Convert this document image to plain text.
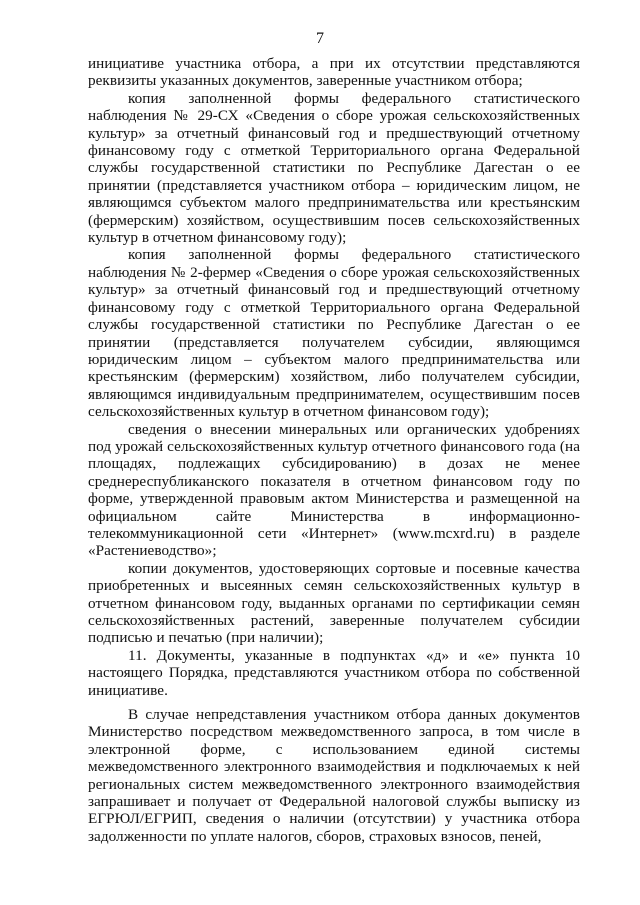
7

инициативе участника отбора, а при их отсутствии представляются реквизиты указанных документов, заверенные участником отбора;

копия заполненной формы федерального статистического наблюдения № 29-СХ «Сведения о сборе урожая сельскохозяйственных культур» за отчетный финансовый год и предшествующий отчетному финансовому году с отметкой Территориального органа Федеральной службы государственной статистики по Республике Дагестан о ее принятии (представляется участником отбора – юридическим лицом, не являющимся субъектом малого предпринимательства или крестьянским (фермерским) хозяйством, осуществившим посев сельскохозяйственных культур в отчетном финансовому году);

копия заполненной формы федерального статистического наблюдения № 2-фермер «Сведения о сборе урожая сельскохозяйственных культур» за отчетный финансовый год и предшествующий отчетному финансовому году с отметкой Территориального органа Федеральной службы государственной статистики по Республике Дагестан о ее принятии (представляется получателем субсидии, являющимся юридическим лицом – субъектом малого предпринимательства или крестьянским (фермерским) хозяйством, либо получателем субсидии, являющимся индивидуальным предпринимателем, осуществившим посев сельскохозяйственных культур в отчетном финансовом году);

сведения о внесении минеральных или органических удобрениях под урожай сельскохозяйственных культур отчетного финансового года (на площадях, подлежащих субсидированию) в дозах не менее среднереспубликанского показателя в отчетном финансовом году по форме, утвержденной правовым актом Министерства и размещенной на официальном сайте Министерства в информационно-телекоммуникационной сети «Интернет» (www.mcxrd.ru) в разделе «Растениеводство»;

копии документов, удостоверяющих сортовые и посевные качества приобретенных и высеянных семян сельскохозяйственных культур в отчетном финансовом году, выданных органами по сертификации семян сельскохозяйственных растений, заверенные получателем субсидии подписью и печатью (при наличии);

11. Документы, указанные в подпунктах «д» и «е» пункта 10 настоящего Порядка, представляются участником отбора по собственной инициативе.

В случае непредставления участником отбора данных документов Министерство посредством межведомственного запроса, в том числе в электронной форме, с использованием единой системы межведомственного электронного взаимодействия и подключаемых к ней региональных систем межведомственного электронного взаимодействия запрашивает и получает от Федеральной налоговой службы выписку из ЕГРЮЛ/ЕГРИП, сведения о наличии (отсутствии) у участника отбора задолженности по уплате налогов, сборов, страховых взносов, пеней,
